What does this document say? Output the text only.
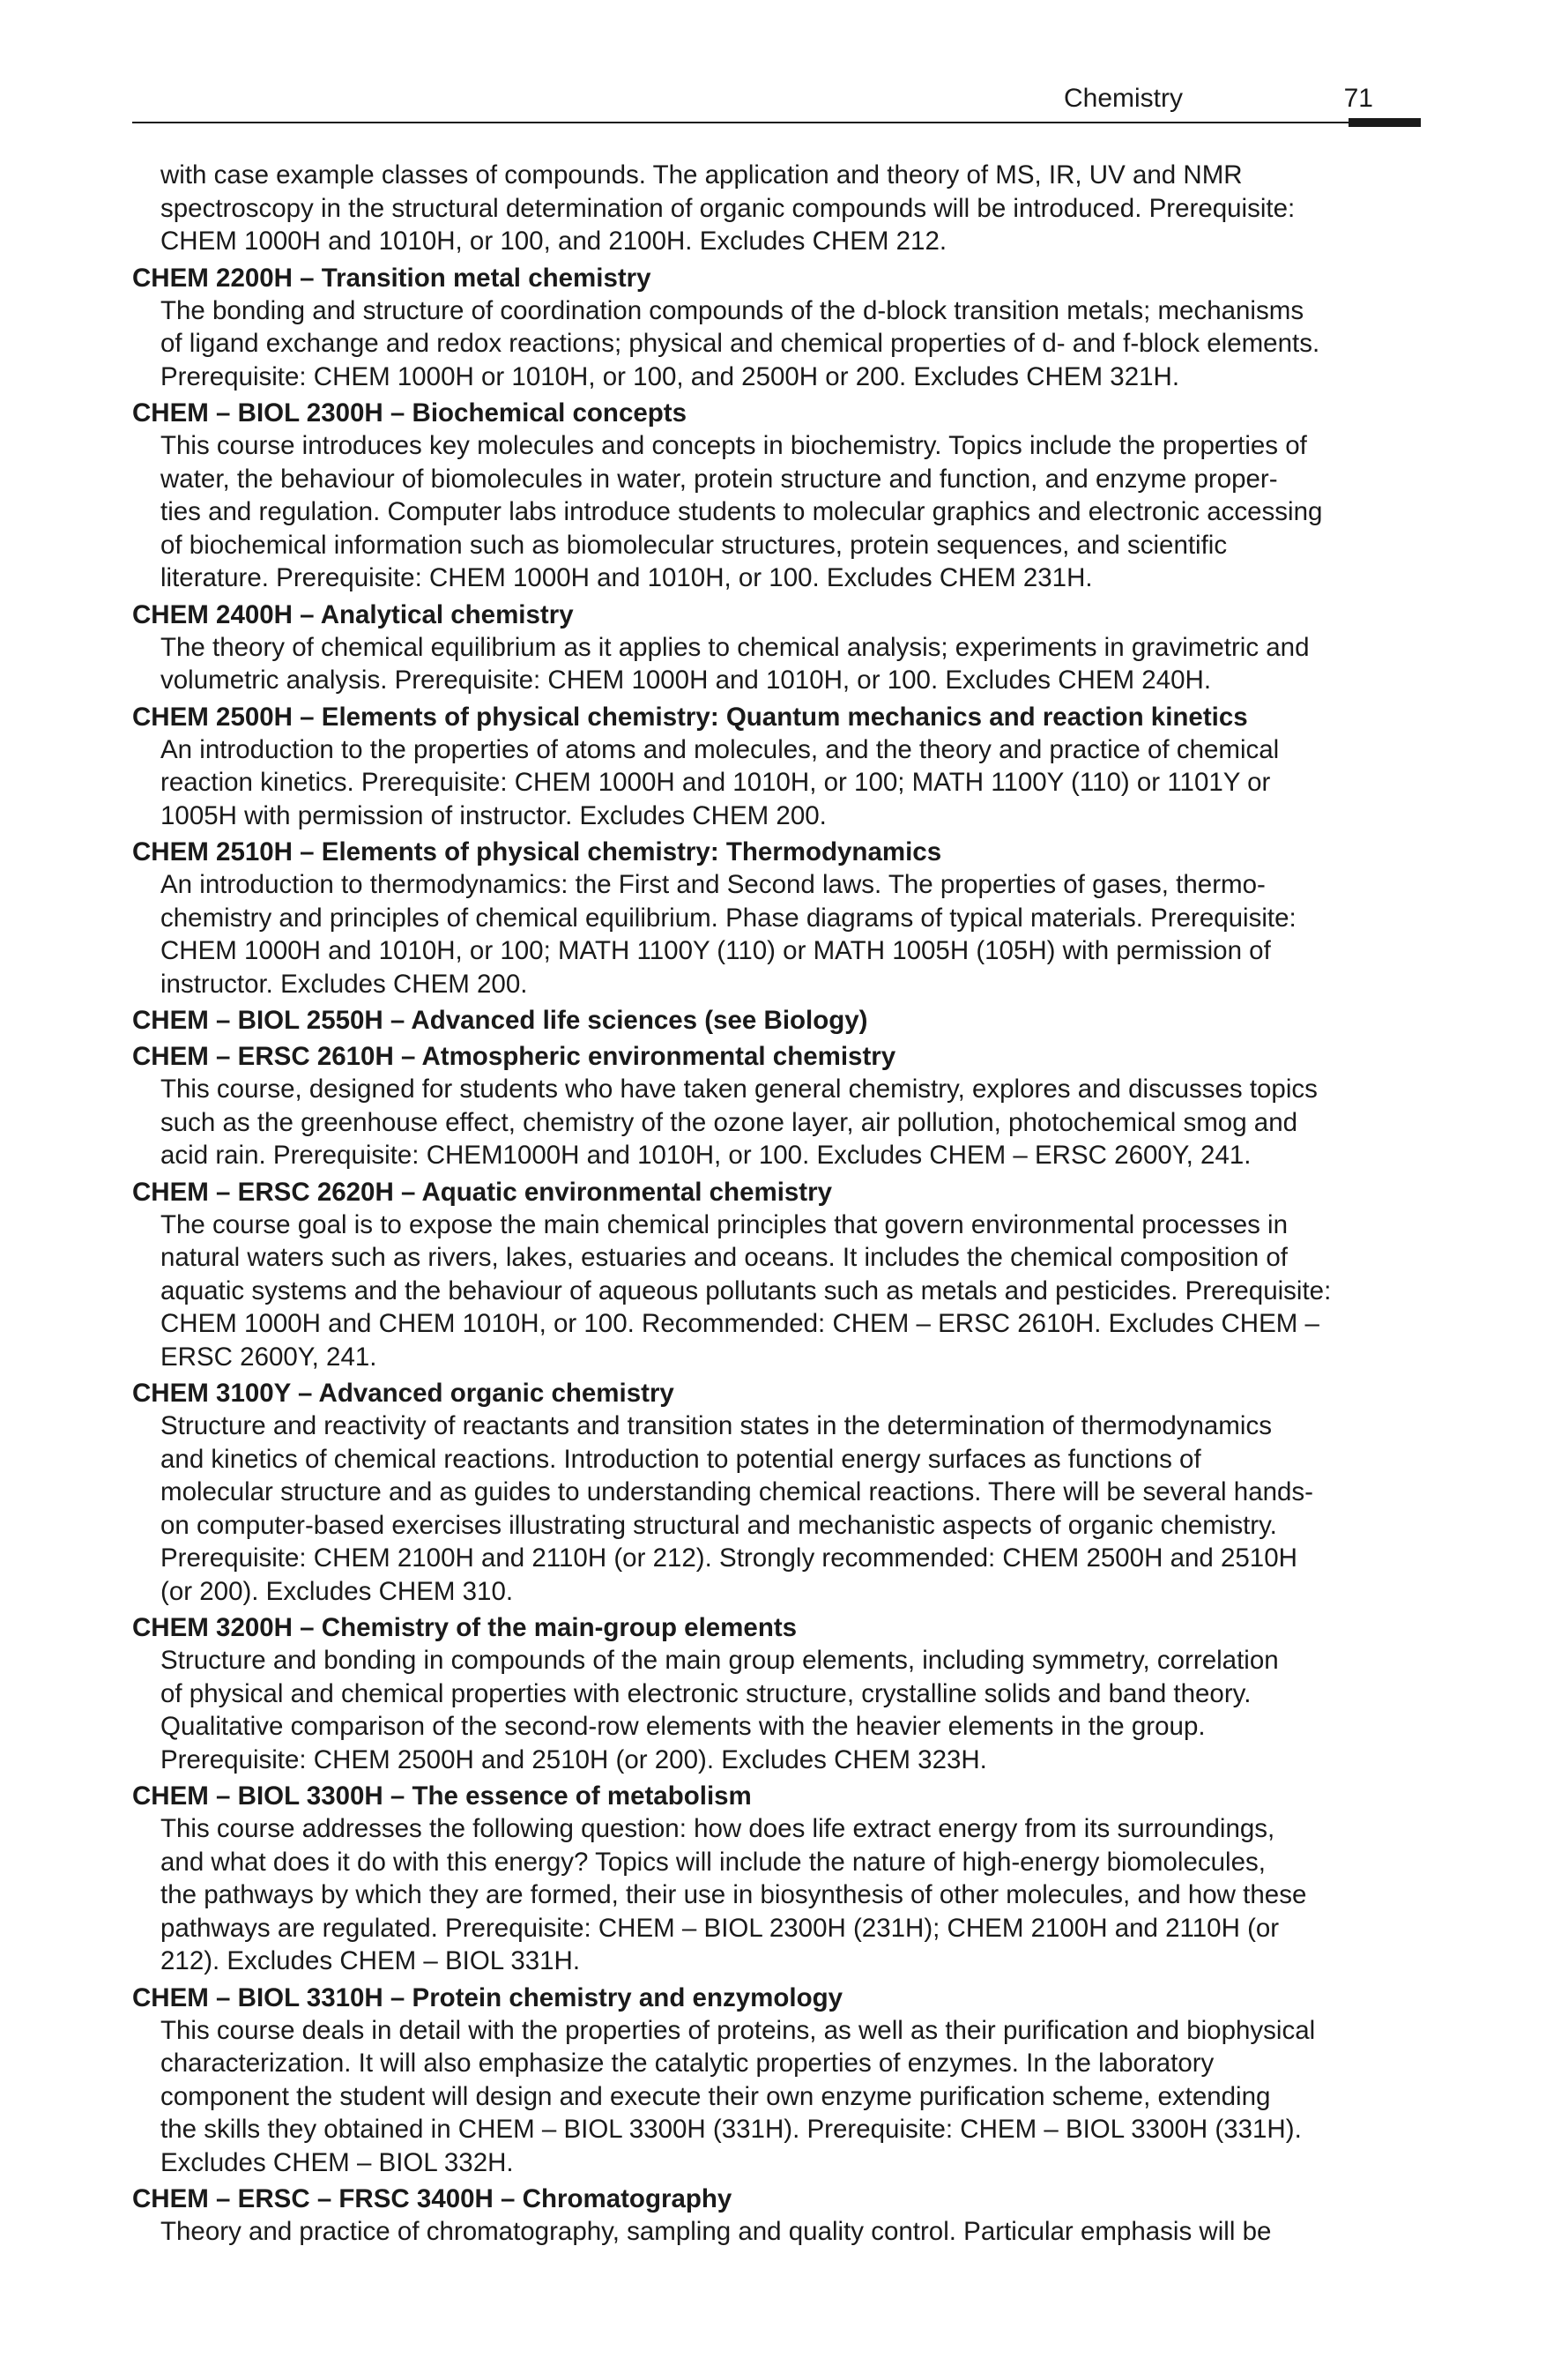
Chemistry	71
with case example classes of compounds. The application and theory of MS, IR, UV and NMR
spectroscopy in the structural determination of organic compounds will be introduced. Prerequisite:
CHEM 1000H and 1010H, or 100, and 2100H. Excludes CHEM 212.
CHEM 2200H – Transition metal chemistry
The bonding and structure of coordination compounds of the d-block transition metals; mechanisms
of ligand exchange and redox reactions; physical and chemical properties of d- and f-block elements.
Prerequisite: CHEM 1000H or 1010H, or 100, and 2500H or 200. Excludes CHEM 321H.
CHEM – BIOL 2300H – Biochemical concepts
This course introduces key molecules and concepts in biochemistry. Topics include the properties of
water, the behaviour of biomolecules in water, protein structure and function, and enzyme proper-
ties and regulation. Computer labs introduce students to molecular graphics and electronic accessing
of biochemical information such as biomolecular structures, protein sequences, and scientific
literature. Prerequisite: CHEM 1000H and 1010H, or 100. Excludes CHEM 231H.
CHEM 2400H – Analytical chemistry
The theory of chemical equilibrium as it applies to chemical analysis; experiments in gravimetric and
volumetric analysis. Prerequisite: CHEM 1000H and 1010H, or 100. Excludes CHEM 240H.
CHEM 2500H – Elements of physical chemistry: Quantum mechanics and reaction kinetics
An introduction to the properties of atoms and molecules, and the theory and practice of chemical
reaction kinetics. Prerequisite: CHEM 1000H and 1010H, or 100; MATH 1100Y (110) or 1101Y or
1005H with permission of instructor. Excludes CHEM 200.
CHEM 2510H – Elements of physical chemistry: Thermodynamics
An introduction to thermodynamics: the First and Second laws. The properties of gases, thermo-
chemistry and principles of chemical equilibrium. Phase diagrams of typical materials. Prerequisite:
CHEM 1000H and 1010H, or 100; MATH 1100Y (110) or MATH 1005H (105H) with permission of
instructor. Excludes CHEM 200.
CHEM – BIOL 2550H – Advanced life sciences (see Biology)
CHEM – ERSC 2610H – Atmospheric environmental chemistry
This course, designed for students who have taken general chemistry, explores and discusses topics
such as the greenhouse effect, chemistry of the ozone layer, air pollution, photochemical smog and
acid rain. Prerequisite: CHEM1000H and 1010H, or 100. Excludes CHEM – ERSC 2600Y, 241.
CHEM – ERSC 2620H – Aquatic environmental chemistry
The course goal is to expose the main chemical principles that govern environmental processes in
natural waters such as rivers, lakes, estuaries and oceans. It includes the chemical composition of
aquatic systems and the behaviour of aqueous pollutants such as metals and pesticides. Prerequisite:
CHEM 1000H and CHEM 1010H, or 100. Recommended: CHEM – ERSC 2610H. Excludes CHEM –
ERSC 2600Y, 241.
CHEM 3100Y – Advanced organic chemistry
Structure and reactivity of reactants and transition states in the determination of thermodynamics
and kinetics of chemical reactions. Introduction to potential energy surfaces as functions of
molecular structure and as guides to understanding chemical reactions. There will be several hands-
on computer-based exercises illustrating structural and mechanistic aspects of organic chemistry.
Prerequisite: CHEM 2100H and 2110H (or 212). Strongly recommended: CHEM 2500H and 2510H
(or 200). Excludes CHEM 310.
CHEM 3200H – Chemistry of the main-group elements
Structure and bonding in compounds of the main group elements, including symmetry, correlation
of physical and chemical properties with electronic structure, crystalline solids and band theory.
Qualitative comparison of the second-row elements with the heavier elements in the group.
Prerequisite: CHEM 2500H and 2510H (or 200). Excludes CHEM 323H.
CHEM – BIOL 3300H – The essence of metabolism
This course addresses the following question: how does life extract energy from its surroundings,
and what does it do with this energy? Topics will include the nature of high-energy biomolecules,
the pathways by which they are formed, their use in biosynthesis of other molecules, and how these
pathways are regulated. Prerequisite: CHEM – BIOL 2300H (231H); CHEM 2100H and 2110H (or
212). Excludes CHEM – BIOL 331H.
CHEM – BIOL 3310H – Protein chemistry and enzymology
This course deals in detail with the properties of proteins, as well as their purification and biophysical
characterization. It will also emphasize the catalytic properties of enzymes. In the laboratory
component the student will design and execute their own enzyme purification scheme, extending
the skills they obtained in CHEM – BIOL 3300H (331H). Prerequisite: CHEM – BIOL 3300H (331H).
Excludes CHEM – BIOL 332H.
CHEM – ERSC – FRSC 3400H – Chromatography
Theory and practice of chromatography, sampling and quality control. Particular emphasis will be
